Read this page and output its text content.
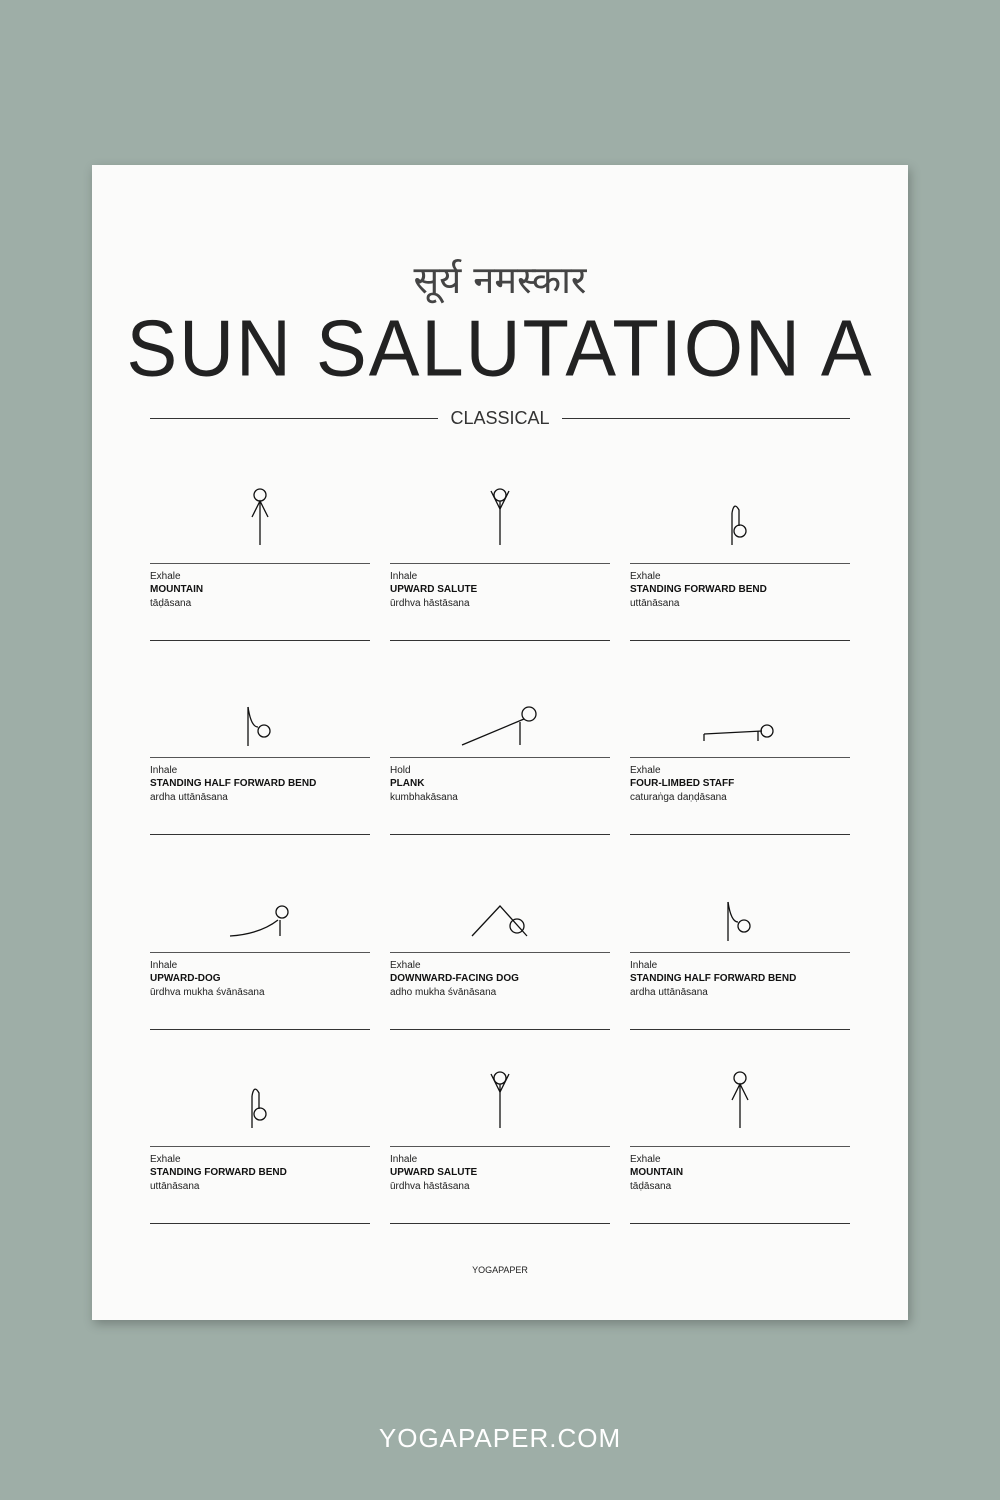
सूर्य नमस्कार
SUN SALUTATION A
CLASSICAL
Exhale
MOUNTAIN
tāḍāsana
Inhale
UPWARD SALUTE
ūrdhva hāstāsana
Exhale
STANDING FORWARD BEND
uttānāsana
Inhale
STANDING HALF FORWARD BEND
ardha uttānāsana
Hold
PLANK
kumbhakāsana
Exhale
FOUR-LIMBED STAFF
caturaṅga daṇḍāsana
Inhale
UPWARD-DOG
ūrdhva mukha śvānāsana
Exhale
DOWNWARD-FACING DOG
adho mukha śvānāsana
Inhale
STANDING HALF FORWARD BEND
ardha uttānāsana
Exhale
STANDING FORWARD BEND
uttānāsana
Inhale
UPWARD SALUTE
ūrdhva hāstāsana
Exhale
MOUNTAIN
tāḍāsana
YOGAPAPER
YOGAPAPER.COM
